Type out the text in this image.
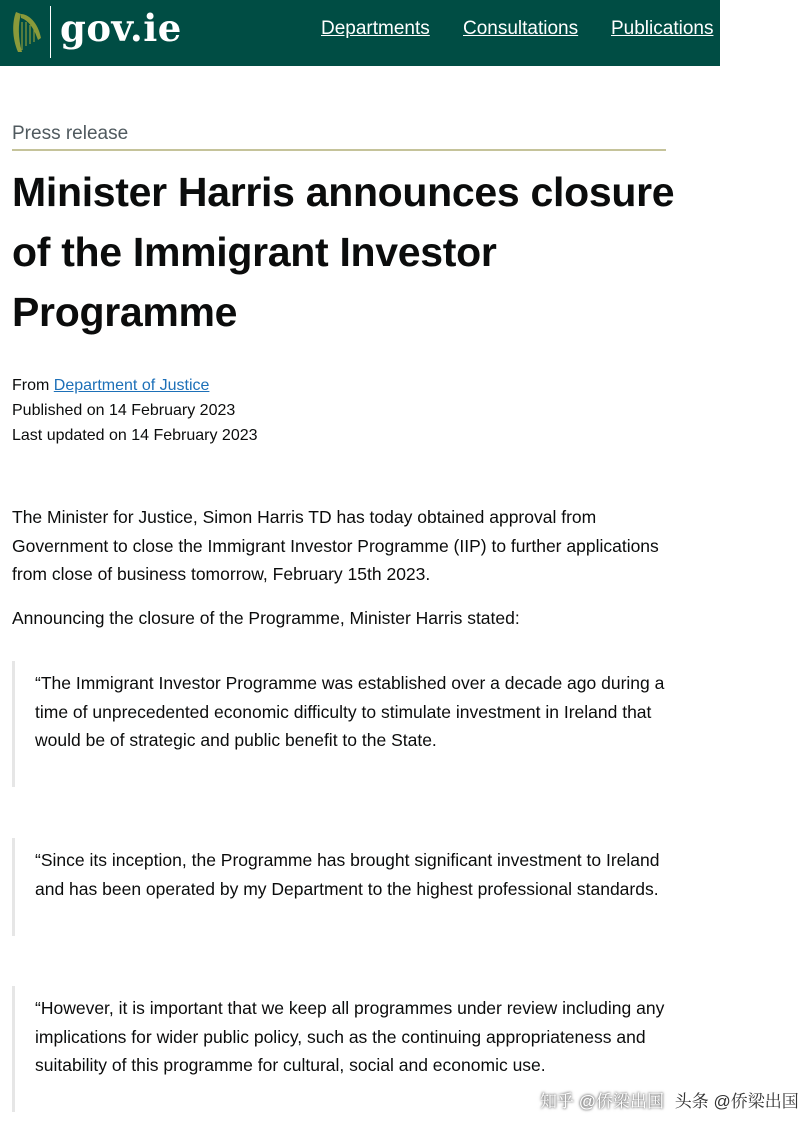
gov.ie	Departments Consultations Publications
Press release
Minister Harris announces closure of the Immigrant Investor Programme
From Department of Justice
Published on 14 February 2023
Last updated on 14 February 2023

The Minister for Justice, Simon Harris TD has today obtained approval from Government to close the Immigrant Investor Programme (IIP) to further applications from close of business tomorrow, February 15th 2023.

Announcing the closure of the Programme, Minister Harris stated:

“The Immigrant Investor Programme was established over a decade ago during a time of unprecedented economic difficulty to stimulate investment in Ireland that would be of strategic and public benefit to the State.

“Since its inception, the Programme has brought significant investment to Ireland and has been operated by my Department to the highest professional standards.

“However, it is important that we keep all programmes under review including any implications for wider public policy, such as the continuing appropriateness and suitability of this programme for cultural, social and economic use.

知乎 @侨梁出国 头条 @侨梁出国
